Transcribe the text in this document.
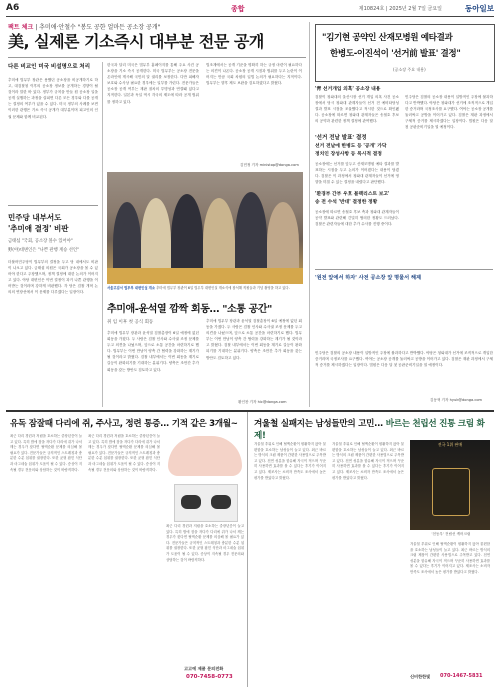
A6	종합	제10824호 | 2025년 2월 7일 금요일	동아일보
팩트 체크 | 추미애·안철수 "봉도 공한 얼마든 공소장 공개"
美, 실제론 기소즉시 대부분 전문 공개
다른 비교인 미국 비설명으로 처리
추미애 법무부 장관은 용했던 공소장을 비공개하기로 하고, 대검찰청 이후의 공소장 정보를 공개하는 경향이 될 것이라 말한 바 있다. 정부가 규칙을 만들 원 공소장 일을 공개 실행하는 과정을 살피면 다른 모든 경우와 다를 공개는 결정의 여부가 있을 수 있다. 미국 정부의 사례를 보면 이러한 관행은 기소 즉시 공개가 대부분이며 피고인의 인권 문제와 함께 비교된다.
민주당 내부서도
'추미애 결정' 비판
금태섭 "국회, 공소장 볼수 있어야"
野(야)대변인은 "나쁜 관행 계승 선언"
더불어민주당이 법무부의 결정을 두고 당 내에서도 비판이 나오고 있다. 금태섭 의원은 국회가 공소장을 볼 수 있어야 한다고 주장했으며, 정책 결정에 대한 논의가 이어지고 있다. 야당 대변인은 이번 결정이 과거 나쁜 관행을 이어받는 것이라며 강하게 비판했다. 각 당은 검찰 개혁 논의의 연장선에서 이 문제를 다루겠다는 입장이다.
한국과 달리 미국은 법무부 홈페이지를 통해 주요 사건 공소장을 기소 즉시 공개한다. 미국 법무부는 공소장 전문을 온라인에 게시해 국민의 알 권리를 보장한다. 다만 피해자 보호와 수사상 필요한 경우에는 일부를 가린다. 전문가들은 공소장 공개 여부는 재판 절차의 투명성과 연결돼 있다고 지적한다. 일본과 독일 역시 각국의 제도에 따라 공개 범위를 정하고 있다.
법조계에서는 공개 기준을 명확히 하는 규정 마련이 필요하다는 의견이 나온다. 공소장 공개 시점과 범위를 두고 논란이 이어지는 만큼 국회 차원의 입법 논의가 필요하다는 지적이다. 법무부는 향후 제도 보완을 검토하겠다고 밝혔다.
김민정 기자 ministop@donga.com
서울고검서 법무부 대변인실 개소 추미애 법무부 장관이 6일 법무부 대변인실 개소식에 참석해 직원들과 기념 촬영을 하고 있다.
추미애-윤석열 깜짝 회동… "소통 공간"
취 임 이후 첫 공식 회동
추미애 법무부 장관과 윤석열 검찰총장이 6일 예정에 없던 회동을 가졌다. 두 사람은 검찰 인사와 수사권 조정 문제를 두고 의견을 나눴으며, 앞으로 소통 공간을 마련하기로 했다. 법무부는 이번 만남이 양측 간 협력을 강화하는 계기가 될 것이라고 밝혔다. 검찰 내부에서는 이번 회동을 계기로 갈등이 완화되기를 기대하는 분위기다. 양측은 조만간 추가 회동을 갖는 방안도 검토하고 있다.
추미애 법무부 장관과 윤석열 검찰총장이 6일 예정에 없던 회동을 가졌다. 두 사람은 검찰 인사와 수사권 조정 문제를 두고 의견을 나눴으며, 앞으로 소통 공간을 마련하기로 했다. 법무부는 이번 만남이 양측 간 협력을 강화하는 계기가 될 것이라고 밝혔다. 검찰 내부에서는 이번 회동을 계기로 갈등이 완화되기를 기대하는 분위기다. 양측은 조만간 추가 회동을 갖는 방안도 검토하고 있다.
황인찬 기자 hic@donga.com
"김기현 공약인 산재모병원 예타결과
한병도-이진석이 '선거前 발표' 결정"
(공소장 주요 내용)
'靑 선거개입 의혹' 공소장 내용
검찰이 청와대의 울산시장 선거 개입 의혹 사건 공소장에서 당시 청와대 관계자들이 선거 전 예비타당성 결과 발표 시점을 조율했다고 적시한 것으로 확인됐다. 공소장에 따르면 청와대 관계자들은 송철호 후보의 공약과 관련한 정책 결정에 관여했다.
'선거 전날 발표' 결정
선거 전날에 한병도 등 '공개' 가닥
정치인 장성사항 등 묵시적 결정
공소장에는 선거를 앞두고 산재모병원 예타 결과를 발표하는 시점을 두고 논의가 이어졌다는 내용이 담겼다. 검찰은 이 과정에서 청와대 관계자들이 선거에 영향을 미칠 수 있는 결정을 내렸다고 판단했다.
'환경부 간부 우호 블랙리스트 보고'
송 전 수석 '반대' 결정한 정황
공소장에 따르면 송철호 후보 측과 청와대 관계자들이 공약 발표와 관련해 긴밀히 협의한 정황도 드러났다. 검찰은 관련자들에 대한 추가 수사를 진행 중이다.
'원전 앞에서 하자' 사전 공소장 앞 명물서 해제
민주당은 검찰의 공소장 내용이 일방적인 주장에 불과하다고 반박했다. 야당은 청와대가 선거에 조직적으로 개입한 증거라며 국정조사를 요구했다. 여야는 공소장 공개를 둘러싸고 공방을 이어가고 있다. 검찰은 재판 과정에서 구체적 증거를 제시하겠다는 입장이다. 법원은 다음 달 첫 공판준비기일을 열 예정이다.
민주당은 검찰의 공소장 내용이 일방적인 주장에 불과하다고 반박했다. 야당은 청와대가 선거에 조직적으로 개입한 증거라며 국정조사를 요구했다. 여야는 공소장 공개를 둘러싸고 공방을 이어가고 있다. 검찰은 재판 과정에서 구체적 증거를 제시하겠다는 입장이다. 법원은 다음 달 첫 공판준비기일을 열 예정이다.
김동혁 기자 hyuk@donga.com
유독 잠잘때 다리에 쥐, 주사고, 정련 통증... 기적 같은 3개월~
최근 다리 경련과 저림을 호소하는 중장년층이 늘고 있다. 특히 밤에 잠을 자다가 다리에 쥐가 나서 깨는 경우가 잦다면 혈액순환 문제를 의심해 볼 필요가 있다. 전문가들은 규칙적인 스트레칭과 충분한 수분 섭취를 권장한다. 또한 균형 잡힌 식단과 마그네슘 섭취가 도움이 될 수 있다. 증상이 지속될 경우 전문의와 상담하는 것이 바람직하다.
최근 다리 경련과 저림을 호소하는 중장년층이 늘고 있다. 특히 밤에 잠을 자다가 다리에 쥐가 나서 깨는 경우가 잦다면 혈액순환 문제를 의심해 볼 필요가 있다. 전문가들은 규칙적인 스트레칭과 충분한 수분 섭취를 권장한다. 또한 균형 잡힌 식단과 마그네슘 섭취가 도움이 될 수 있다. 증상이 지속될 경우 전문의와 상담하는 것이 바람직하다.
최근 다리 경련과 저림을 호소하는 중장년층이 늘고 있다. 특히 밤에 잠을 자다가 다리에 쥐가 나서 깨는 경우가 잦다면 혈액순환 문제를 의심해 볼 필요가 있다. 전문가들은 규칙적인 스트레칭과 충분한 수분 섭취를 권장한다. 또한 균형 잡힌 식단과 마그네슘 섭취가 도움이 될 수 있다. 증상이 지속될 경우 전문의와 상담하는 것이 바람직하다.
고고에 제품 문의전화
070-7458-0773
겨울철 실패지는 남성들만의 고민... 바르는 천립선 진통 크림 화제!
겨울철 추위로 인해 혈액순환이 원활하지 않아 불편함을 호소하는 남성들이 늘고 있다. 최근 바르는 방식의 크림 제품이 간편한 사용법으로 주목받고 있다. 천연 성분을 함유해 자극이 적으며 꾸준히 사용하면 효과를 볼 수 있다는 후기가 이어지고 있다. 제조사는 소비자 만족도 조사에서 높은 평가를 받았다고 밝혔다.
겨울철 추위로 인해 혈액순환이 원활하지 않아 불편함을 호소하는 남성들이 늘고 있다. 최근 바르는 방식의 크림 제품이 간편한 사용법으로 주목받고 있다. 천연 성분을 함유해 자극이 적으며 꾸준히 사용하면 효과를 볼 수 있다는 후기가 이어지고 있다. 제조사는 소비자 만족도 조사에서 높은 평가를 받았다고 밝혔다.
전국 1위 판매
'천동우' 전립선 케어크림
겨울철 추위로 인해 혈액순환이 원활하지 않아 불편함을 호소하는 남성들이 늘고 있다. 최근 바르는 방식의 크림 제품이 간편한 사용법으로 주목받고 있다. 천연 성분을 함유해 자극이 적으며 꾸준히 사용하면 효과를 볼 수 있다는 후기가 이어지고 있다. 제조사는 소비자 만족도 조사에서 높은 평가를 받았다고 밝혔다.
신비한한빛 070-1467-5831
